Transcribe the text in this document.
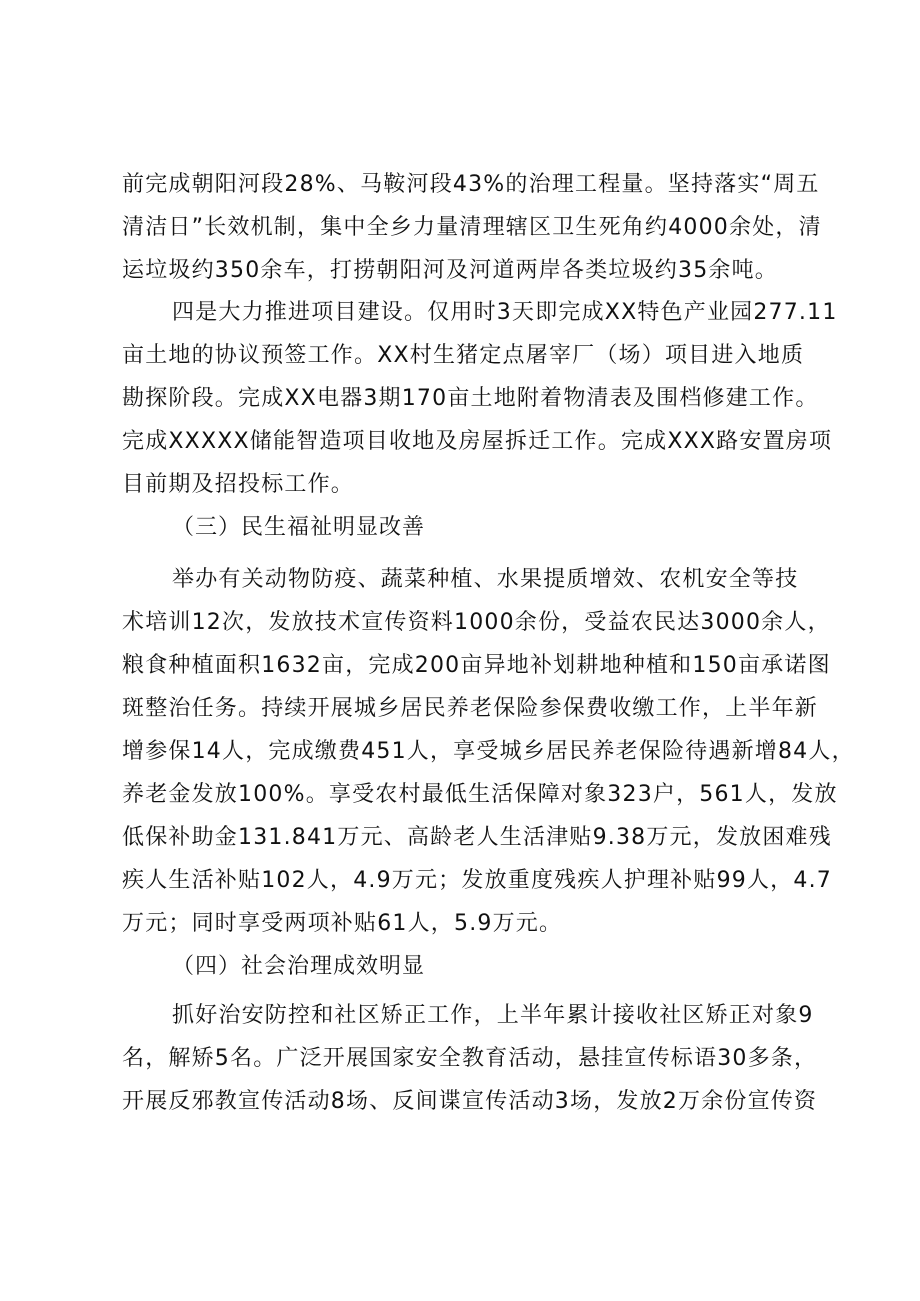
前完成朝阳河段28%、马鞍河段43%的治理工程量。坚持落实“周五
清洁日”长效机制，集中全乡力量清理辖区卫生死角约4000余处，清
运垃圾约350余车，打捞朝阳河及河道两岸各类垃圾约35余吨。
四是大力推进项目建设。仅用时3天即完成XX特色产业园277.11
亩土地的协议预签工作。XX村生猪定点屠宰厂（场）项目进入地质
勘探阶段。完成XX电器3期170亩土地附着物清表及围档修建工作。
完成XXXXX储能智造项目收地及房屋拆迁工作。完成XXX路安置房项
目前期及招投标工作。
（三）民生福祉明显改善
举办有关动物防疫、蔬菜种植、水果提质增效、农机安全等技
术培训12次，发放技术宣传资料1000余份，受益农民达3000余人，
粮食种植面积1632亩，完成200亩异地补划耕地种植和150亩承诺图
斑整治任务。持续开展城乡居民养老保险参保费收缴工作，上半年新
增参保14人，完成缴费451人，享受城乡居民养老保险待遇新增84人，
养老金发放100%。享受农村最低生活保障对象323户，561人，发放
低保补助金131.841万元、高龄老人生活津贴9.38万元，发放困难残
疾人生活补贴102人，4.9万元；发放重度残疾人护理补贴99人，4.7
万元；同时享受两项补贴61人，5.9万元。
（四）社会治理成效明显
抓好治安防控和社区矫正工作，上半年累计接收社区矫正对象9
名，解矫5名。广泛开展国家安全教育活动，悬挂宣传标语30多条，
开展反邪教宣传活动8场、反间谍宣传活动3场，发放2万余份宣传资
